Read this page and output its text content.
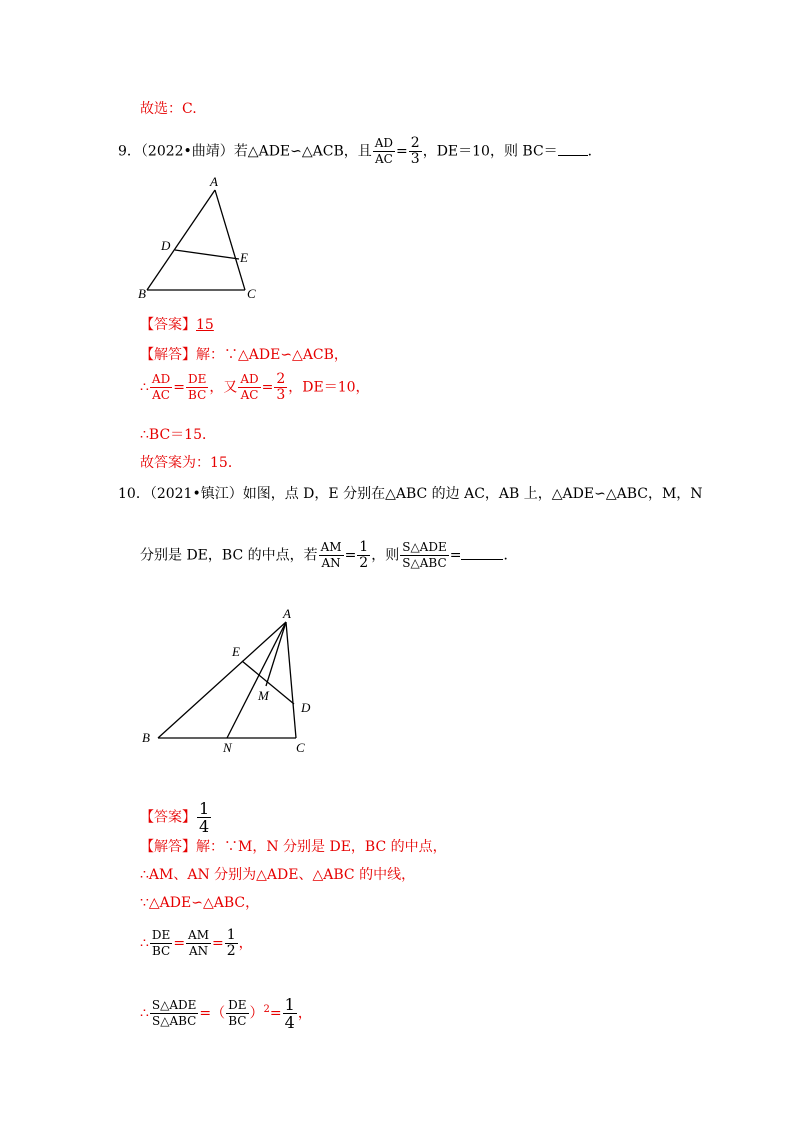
故选：C.
9．（2022•曲靖）若△ADE∽△ACB，且 $\frac{AD}{AC} = \frac{2}{3}$ ，DE＝10，则 BC＝ ．
A
D
E
B	C
【答案】15
【解答】解：∵△ADE∽△ACB，
∴ $\frac{AD}{AC} = \frac{DE}{BC}$ ，又 $\frac{AD}{AC} = \frac{2}{3}$ ，DE＝10，
∴BC＝15．
故答案为：15．
10．（2021•镇江）如图，点 D，E 分别在△ABC 的边 AC，AB 上，△ADE∽△ABC，M，N
分别是 DE，BC 的中点，若 $\frac{AM}{AN} = \frac{1}{2}$ ，则 $\frac{\text{S△ADE}}{\text{S△ABC}}$ =	．
A
E
M
D
B
N	C
【答案】 $\frac{1}{4}$
【解答】解：∵M，N 分别是 DE，BC 的中点，
∴AM、AN 分别为△ADE、△ABC 的中线，
∵△ADE∽△ABC，
∴ $\frac{DE}{BC} = \frac{AM}{AN} = \frac{1}{2}$ ，
∴ $\frac{\text{S△ADE}}{\text{S△ABC}}$ =（ $\frac{DE}{BC} )^2= \frac{1}{4}$ ，
